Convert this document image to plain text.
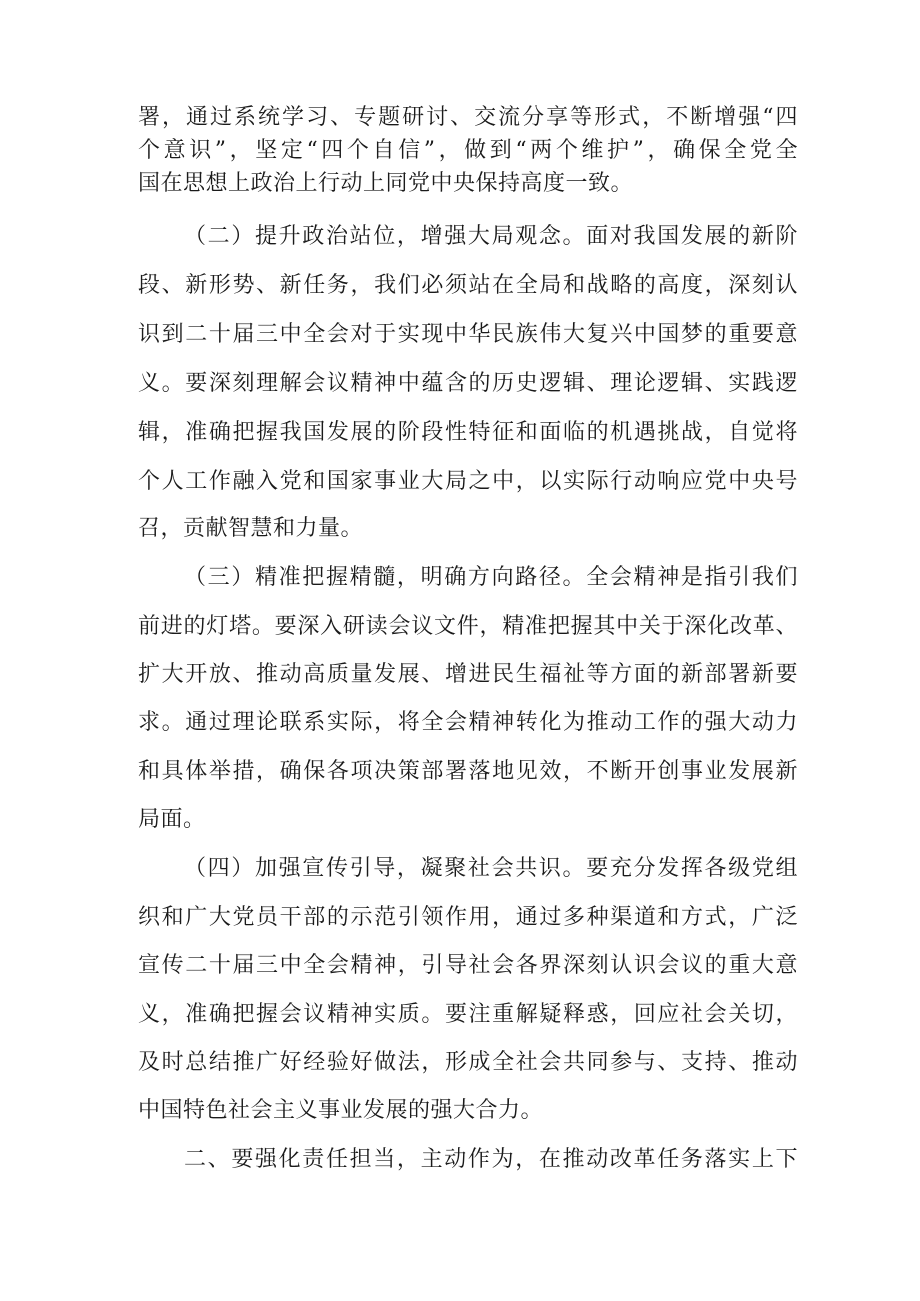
署，通过系统学习、专题研讨、交流分享等形式，不断增强“四
个意识”，坚定“四个自信”，做到“两个维护”，确保全党全
国在思想上政治上行动上同党中央保持高度一致。
（二）提升政治站位，增强大局观念。面对我国发展的新阶
段、新形势、新任务，我们必须站在全局和战略的高度，深刻认
识到二十届三中全会对于实现中华民族伟大复兴中国梦的重要意
义。要深刻理解会议精神中蕴含的历史逻辑、理论逻辑、实践逻
辑，准确把握我国发展的阶段性特征和面临的机遇挑战，自觉将
个人工作融入党和国家事业大局之中，以实际行动响应党中央号
召，贡献智慧和力量。
（三）精准把握精髓，明确方向路径。全会精神是指引我们
前进的灯塔。要深入研读会议文件，精准把握其中关于深化改革、
扩大开放、推动高质量发展、增进民生福祉等方面的新部署新要
求。通过理论联系实际，将全会精神转化为推动工作的强大动力
和具体举措，确保各项决策部署落地见效，不断开创事业发展新
局面。
（四）加强宣传引导，凝聚社会共识。要充分发挥各级党组
织和广大党员干部的示范引领作用，通过多种渠道和方式，广泛
宣传二十届三中全会精神，引导社会各界深刻认识会议的重大意
义，准确把握会议精神实质。要注重解疑释惑，回应社会关切，
及时总结推广好经验好做法，形成全社会共同参与、支持、推动
中国特色社会主义事业发展的强大合力。
二、要强化责任担当，主动作为，在推动改革任务落实上下
